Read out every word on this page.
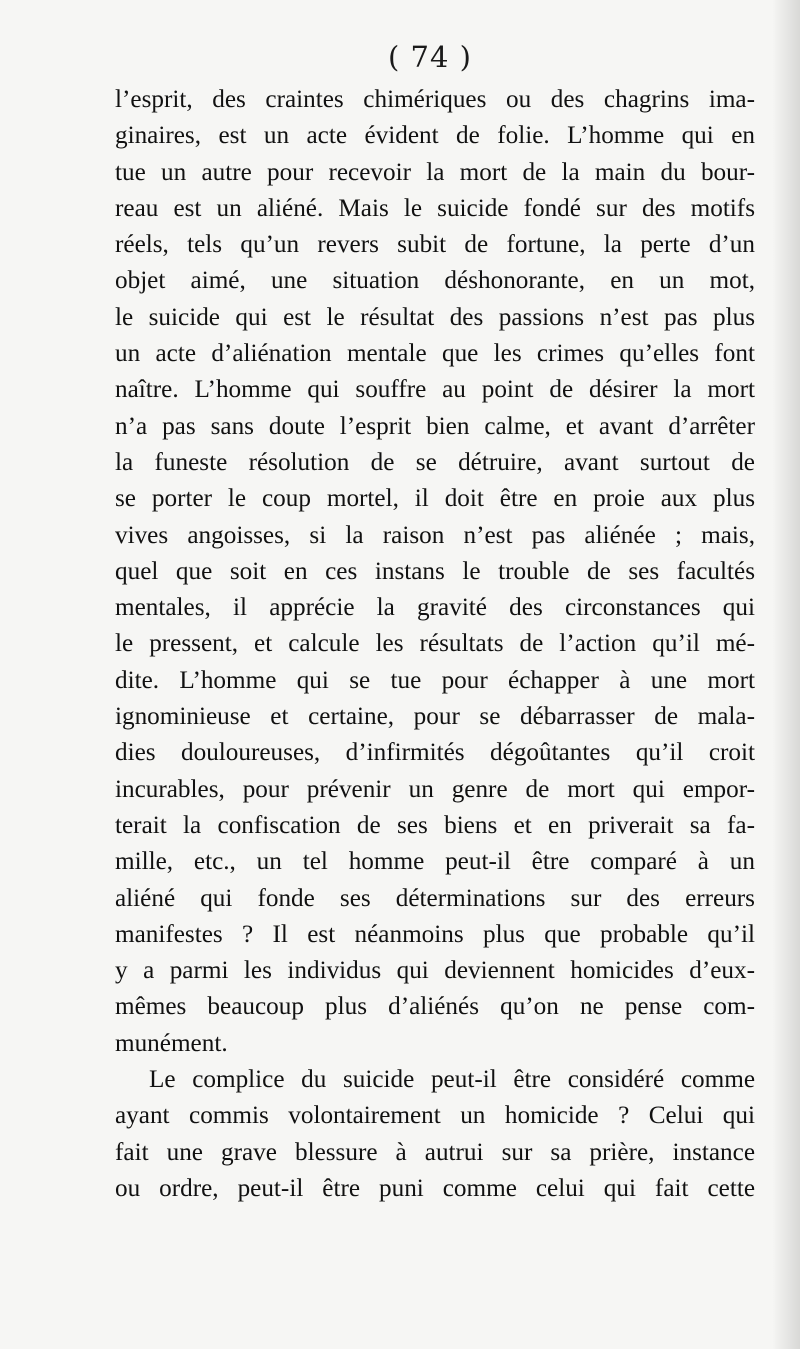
( 74 )
l’esprit, des craintes chimériques ou des chagrins ima-
ginaires, est un acte évident de folie. L’homme qui en
tue un autre pour recevoir la mort de la main du bour-
reau est un aliéné. Mais le suicide fondé sur des motifs
réels, tels qu’un revers subit de fortune, la perte d’un
objet aimé, une situation déshonorante, en un mot,
le suicide qui est le résultat des passions n’est pas plus
un acte d’aliénation mentale que les crimes qu’elles font
naître. L’homme qui souffre au point de désirer la mort
n’a pas sans doute l’esprit bien calme, et avant d’arrêter
la funeste résolution de se détruire, avant surtout de
se porter le coup mortel, il doit être en proie aux plus
vives angoisses, si la raison n’est pas aliénée ; mais,
quel que soit en ces instans le trouble de ses facultés
mentales, il apprécie la gravité des circonstances qui
le pressent, et calcule les résultats de l’action qu’il mé-
dite. L’homme qui se tue pour échapper à une mort
ignominieuse et certaine, pour se débarrasser de mala-
dies douloureuses, d’infirmités dégoûtantes qu’il croit
incurables, pour prévenir un genre de mort qui empor-
terait la confiscation de ses biens et en priverait sa fa-
mille, etc., un tel homme peut-il être comparé à un
aliéné qui fonde ses déterminations sur des erreurs
manifestes ? Il est néanmoins plus que probable qu’il
y a parmi les individus qui deviennent homicides d’eux-
mêmes beaucoup plus d’aliénés qu’on ne pense com-
munément.
Le complice du suicide peut-il être considéré comme
ayant commis volontairement un homicide ? Celui qui
fait une grave blessure à autrui sur sa prière, instance
ou ordre, peut-il être puni comme celui qui fait cette
